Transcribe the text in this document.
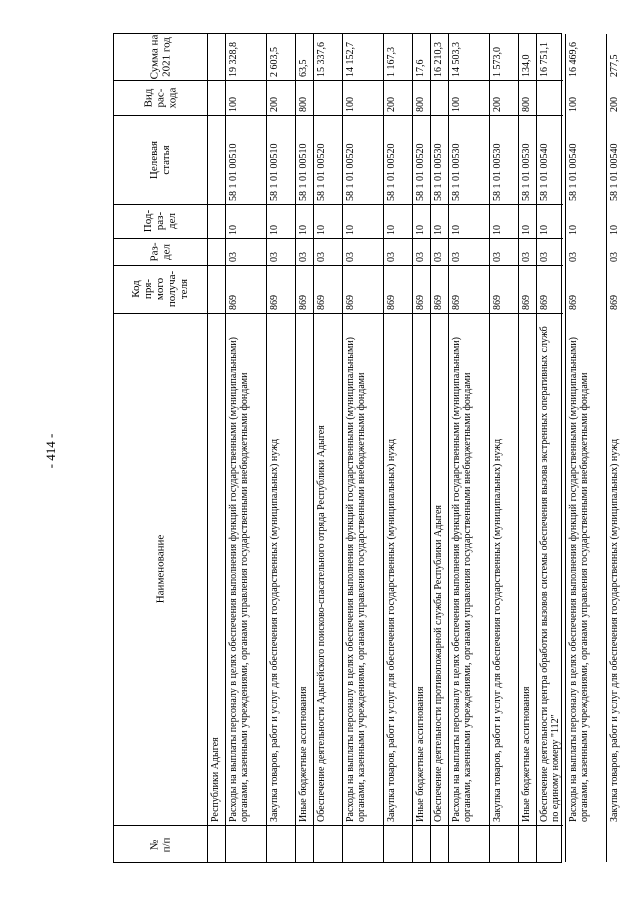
- 414 -
№
п/п
Наименование
Код
пря-
мого
получа-
теля
Раз-
дел
Под-
раз-
дел
Целевая
статья
Вид
рас-
хода
Сумма на
2021 год
Республики Адыгея Расходы на выплаты персоналу в целях обеспечения выполнения функций государственными (муниципальными) органами, казенными учреждениями, органами управления государственными внебюджетными фондами
869
03
10
58 1 01 00510
100
19 328,8
Закупка товаров, работ и услуг для обеспечения государственных (муниципальных) нужд
869
03
10
58 1 01 00510
200
2 603,5
Иные бюджетные ассигнования
869
03
10
58 1 01 00510
800
63,5
Обеспечение деятельности Адыгейского поисково-спасательного отряда Республики Адыгея
869
03
10
58 1 01 00520
15 337,6
Расходы на выплаты персоналу в целях обеспечения выполнения функций государственными (муниципальными) органами, казенными учреждениями, органами управления государственными внебюджетными фондами
869
03
10
58 1 01 00520
100
14 152,7
Закупка товаров, работ и услуг для обеспечения государственных (муниципальных) нужд
869
03
10
58 1 01 00520
200
1 167,3
Иные бюджетные ассигнования
869
03
10
58 1 01 00520
800
17,6
Обеспечение деятельности противопожарной службы Республики Адыгея
869
03
10
58 1 01 00530
16 210,3
Расходы на выплаты персоналу в целях обеспечения выполнения функций государственными (муниципальными) органами, казенными учреждениями, органами управления государственными внебюджетными фондами
869
03
10
58 1 01 00530
100
14 503,3
Закупка товаров, работ и услуг для обеспечения государственных (муниципальных) нужд
869
03
10
58 1 01 00530
200
1 573,0
Иные бюджетные ассигнования
869
03
10
58 1 01 00530
800
134,0
Обеспечение деятельности центра обработки вызовов системы обеспечения вызова экстренных оперативных служб по единому номеру "112"
869
03
10
58 1 01 00540
16 751,1
Расходы на выплаты персоналу в целях обеспечения выполнения функций государственными (муниципальными) органами, казенными учреждениями, органами управления государственными внебюджетными фондами
869
03
10
58 1 01 00540
100
16 469,6
Закупка товаров, работ и услуг для обеспечения государственных (муниципальных) нужд
869
03
10
58 1 01 00540
200
277,5
